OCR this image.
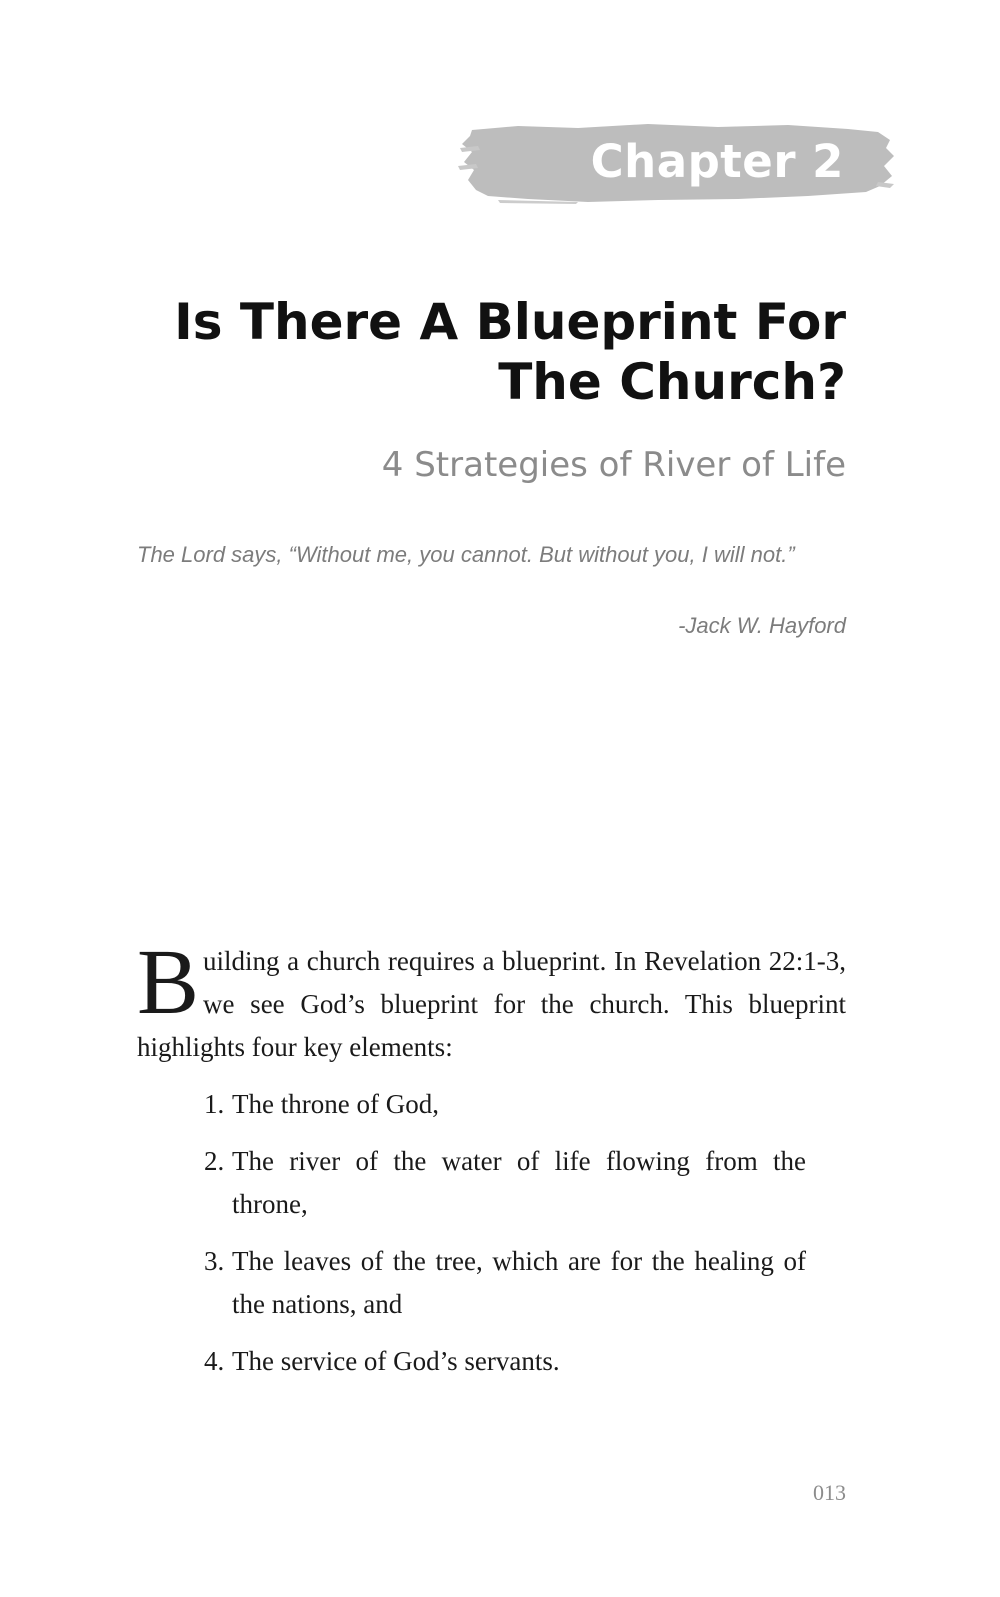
Chapter 2
Is There A Blueprint For
The Church?
4 Strategies of River of Life

The Lord says, “Without me, you cannot. But without you, I will not.”

-Jack W. Hayford

Building a church requires a blueprint. In Revelation 22:1-3, we see God’s blueprint for the church. This blueprint highlights four key elements:

1. The throne of God,
2. The river of the water of life flowing from the throne,
3. The leaves of the tree, which are for the healing of the nations, and
4. The service of God’s servants.
013
